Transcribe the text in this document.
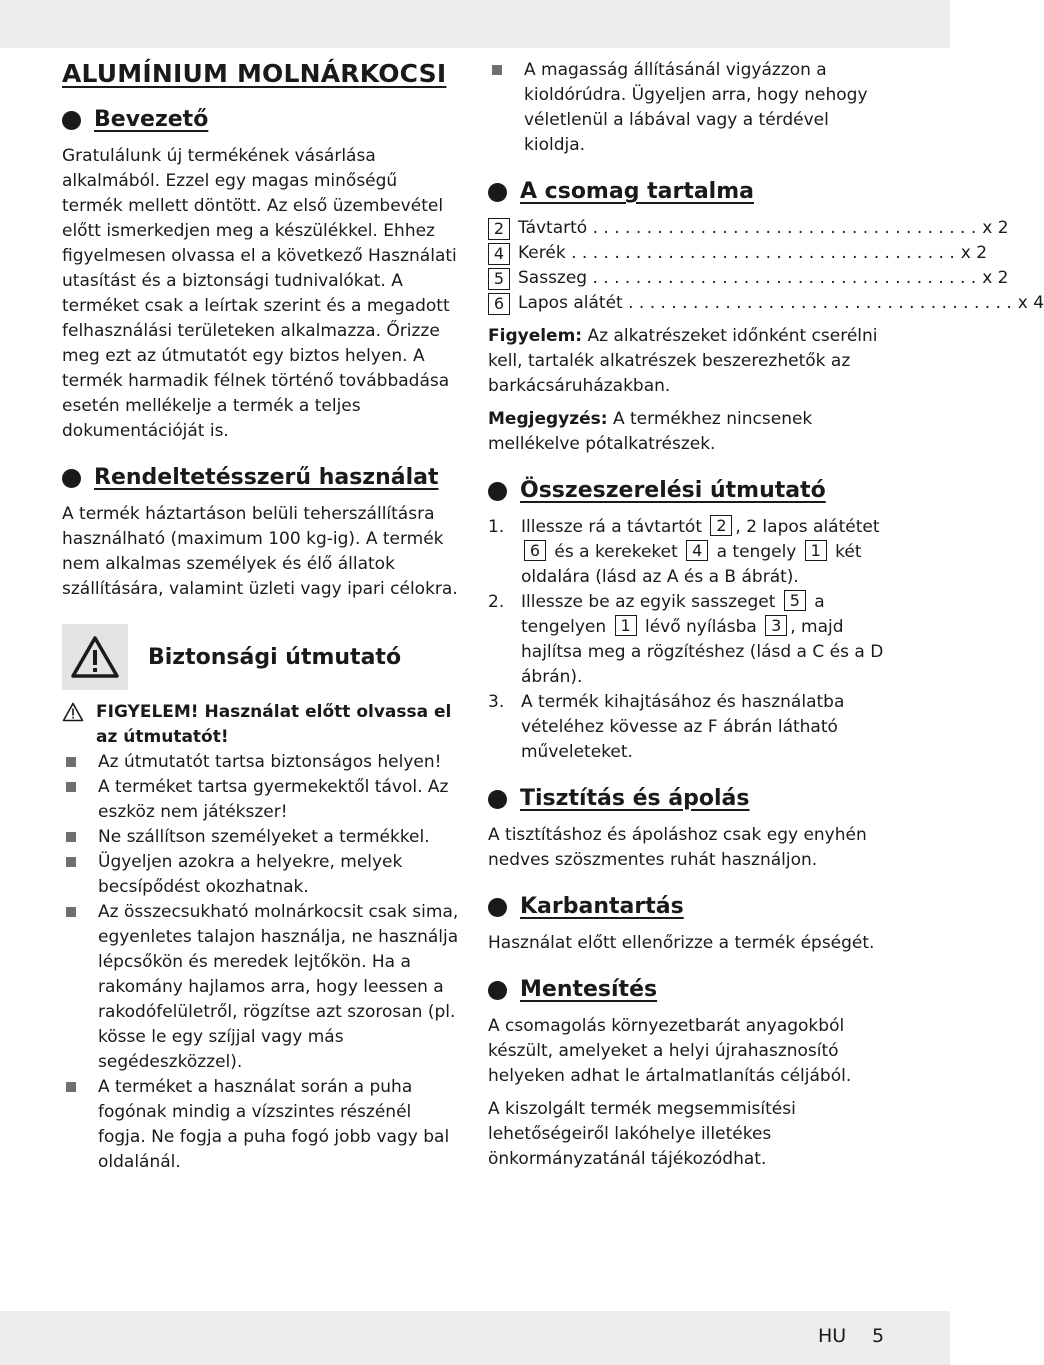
ALUMÍNIUM MOLNÁRKOCSI
Bevezető

Gratulálunk új termékének vásárlása alkalmából. Ezzel egy magas minőségű termék mellett döntött. Az első üzembevétel előtt ismerkedjen meg a készülékkel. Ehhez figyelmesen olvassa el a következő Használati utasítást és a biztonsági tudnivalókat. A terméket csak a leírtak szerint és a megadott felhasználási területeken alkalmazza. Őrizze meg ezt az útmutatót egy biztos helyen. A termék harmadik félnek történő továbbadása esetén mellékelje a termék a teljes dokumentációját is.

Rendeltetésszerű használat

A termék háztartáson belüli teherszállításra használható (maximum 100 kg-ig). A termék nem alkalmas személyek és élő állatok szállítására, valamint üzleti vagy ipari célokra.

Biztonsági útmutató
FIGYELEM! Használat előtt olvassa el az útmutatót!
Az útmutatót tartsa biztonságos helyen!
A terméket tartsa gyermekektől távol. Az eszköz nem játékszer!
Ne szállítson személyeket a termékkel.
Ügyeljen azokra a helyekre, melyek becsípődést okozhatnak.
Az összecsukható molnárkocsit csak sima, egyenletes talajon használja, ne használja lépcsőkön és meredek lejtőkön. Ha a rakomány hajlamos arra, hogy leessen a rakodófelületről, rögzítse azt szorosan (pl. kösse le egy szíjjal vagy más segédeszközzel).
A terméket a használat során a puha fogónak mindig a vízszintes részénél fogja. Ne fogja a puha fogó jobb vagy bal oldalánál.
A magasság állításánál vigyázzon a kioldórúdra. Ügyeljen arra, hogy nehogy véletlenül a lábával vagy a térdével kioldja.
A csomag tartalma
2 Távtartó . . . . . . . . . . . . . . . . . . . . . . . . . . . . . . . . . . . . x 2
4 Kerék . . . . . . . . . . . . . . . . . . . . . . . . . . . . . . . . . . . . x 2
5 Sasszeg . . . . . . . . . . . . . . . . . . . . . . . . . . . . . . . . . . . . x 2
6 Lapos alátét . . . . . . . . . . . . . . . . . . . . . . . . . . . . . . . . . . . . x 4

Figyelem: Az alkatrészeket időnként cserélni kell, tartalék alkatrészek beszerezhetők az barkácsáruházakban.

Megjegyzés: A termékhez nincsenek mellékelve pótalkatrészek.

Összeszerelési útmutató
1. Illessze rá a távtartót 2 , 2 lapos alátétet 6 és a kerekeket 4 a tengely 1 két oldalára (lásd az A és a B ábrát).
2. Illessze be az egyik sasszeget 5 a tengelyen 1 lévő nyílásba 3 , majd hajlítsa meg a rögzítéshez (lásd a C és a D ábrán).
3. A termék kihajtásához és használatba vételéhez kövesse az F ábrán látható műveleteket.
Tisztítás és ápolás

A tisztításhoz és ápoláshoz csak egy enyhén nedves szöszmentes ruhát használjon.

Karbantartás

Használat előtt ellenőrizze a termék épségét.

Mentesítés

A csomagolás környezetbarát anyagokból készült, amelyeket a helyi újrahasznosító helyeken adhat le ártalmatlanítás céljából.

A kiszolgált termék megsemmisítési lehetőségeiről lakóhelye illetékes önkormányzatánál tájékozódhat.

HU 5
